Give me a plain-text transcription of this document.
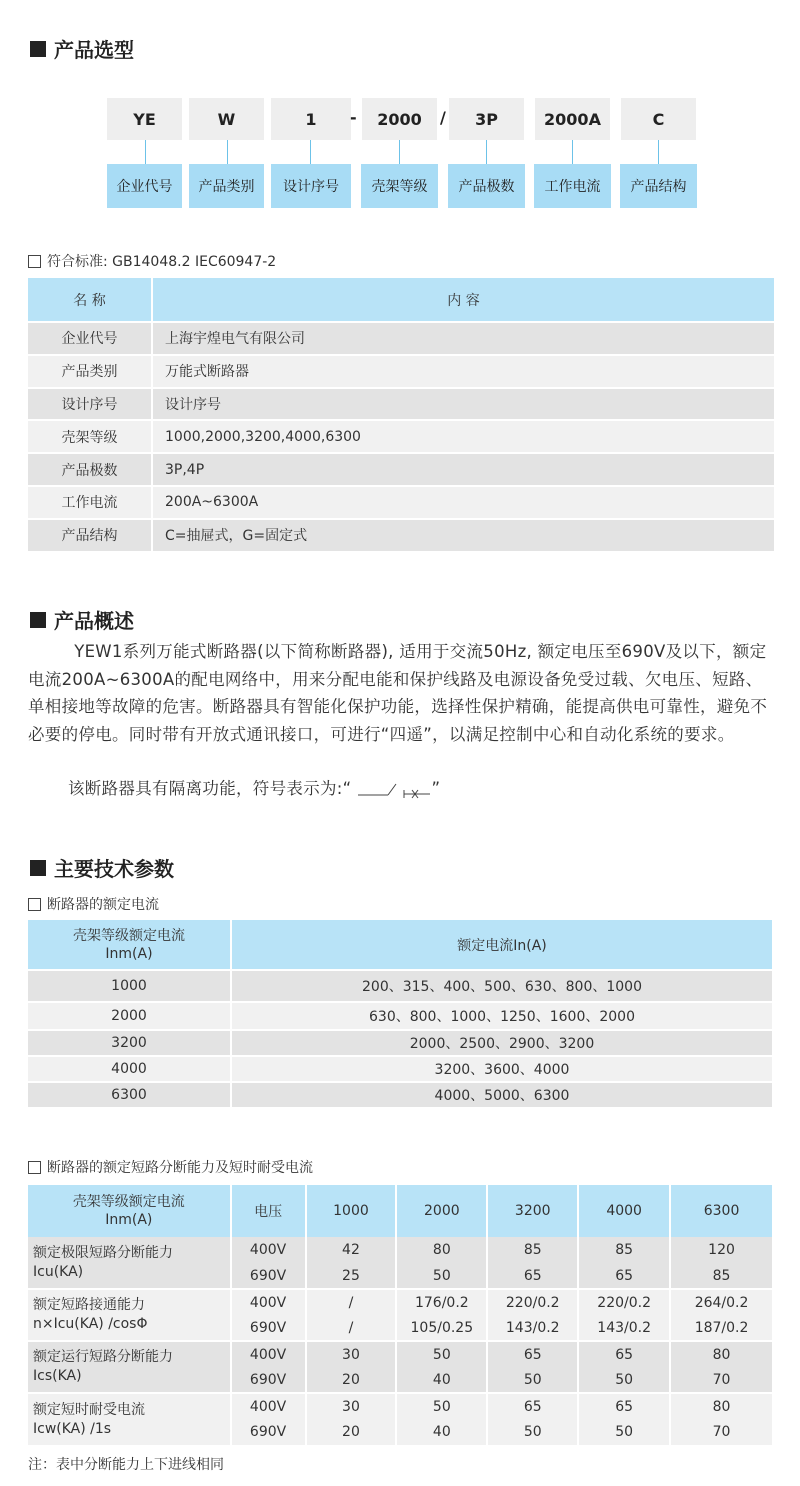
产品选型
YE	W	1	-	2000	/	3P	2000A	C
企业代号	产品类别	设计序号	壳架等级	产品极数	工作电流	产品结构
符合标准: GB14048.2 IEC60947-2
名 称	内 容
企业代号	上海宇煌电气有限公司
产品类别	万能式断路器
设计序号	设计序号
壳架等级	1000,2000,3200,4000,6300
产品极数	3P,4P
工作电流	200A~6300A
产品结构	C=抽屉式，G=固定式
产品概述
YEW1系列万能式断路器(以下简称断路器), 适用于交流50Hz, 额定电压至690V及以下，额定电流200A~6300A的配电网络中，用来分配电能和保护线路及电源设备免受过载、欠电压、短路、单相接地等故障的危害。断路器具有智能化保护功能，选择性保护精确，能提高供电可靠性，避免不必要的停电。同时带有开放式通讯接口，可进行“四遥”，以满足控制中心和自动化系统的要求。
该断路器具有隔离功能，符号表示为:“	”
主要技术参数
断路器的额定电流
壳架等级额定电流
Inm(A)	额定电流In(A)
1000	200、315、400、500、630、800、1000
2000	630、800、1000、1250、1600、2000
3200	2000、2500、2900、3200
4000	3200、3600、4000
6300	4000、5000、6300
断路器的额定短路分断能力及短时耐受电流
壳架等级额定电流
Inm(A)	电压	1000	2000	3200	4000	6300
额定极限短路分断能力
Icu(KA)	400V	42	80	85	85	120
	690V	25	50	65	65	85
额定短路接通能力
n×Icu(KA) /cosΦ	400V	/	176/0.2	220/0.2	220/0.2	264/0.2
	690V	/	105/0.25	143/0.2	143/0.2	187/0.2
额定运行短路分断能力
Ics(KA)	400V	30	50	65	65	80
	690V	20	40	50	50	70
额定短时耐受电流
Icw(KA) /1s	400V	30	50	65	65	80
	690V	20	40	50	50	70
注：表中分断能力上下进线相同
